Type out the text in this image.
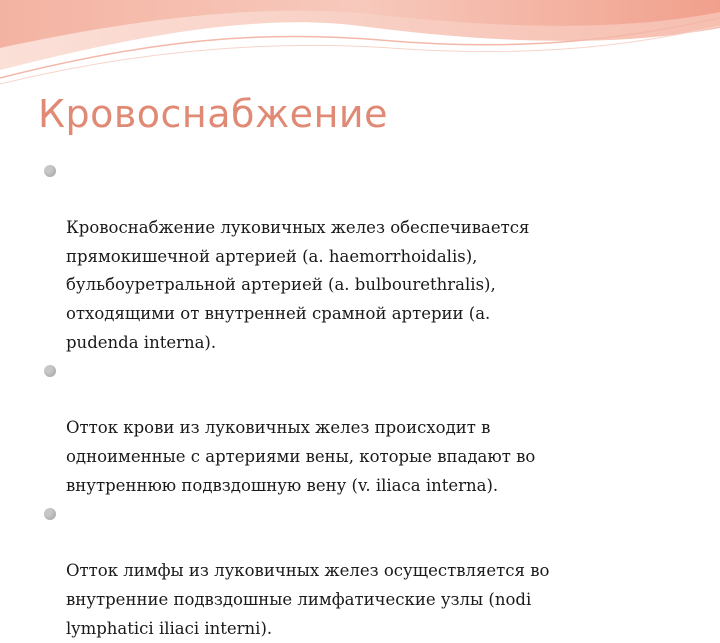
Кровоснабжение

Кровоснабжение луковичных желез обеспечивается
прямокишечной артерией (a. haemorrhoidalis),
бульбоуретральной артерией (a. bulbourethralis),
отходящими от внутренней срамной артерии (a.
pudenda interna).

Отток крови из луковичных желез происходит в
одноименные с артериями вены, которые впадают во
внутреннюю подвздошную вену (v. iliaca interna).

Отток лимфы из луковичных желез осуществляется во
внутренние подвздошные лимфатические узлы (nodi
lymphatici iliaci interni).
